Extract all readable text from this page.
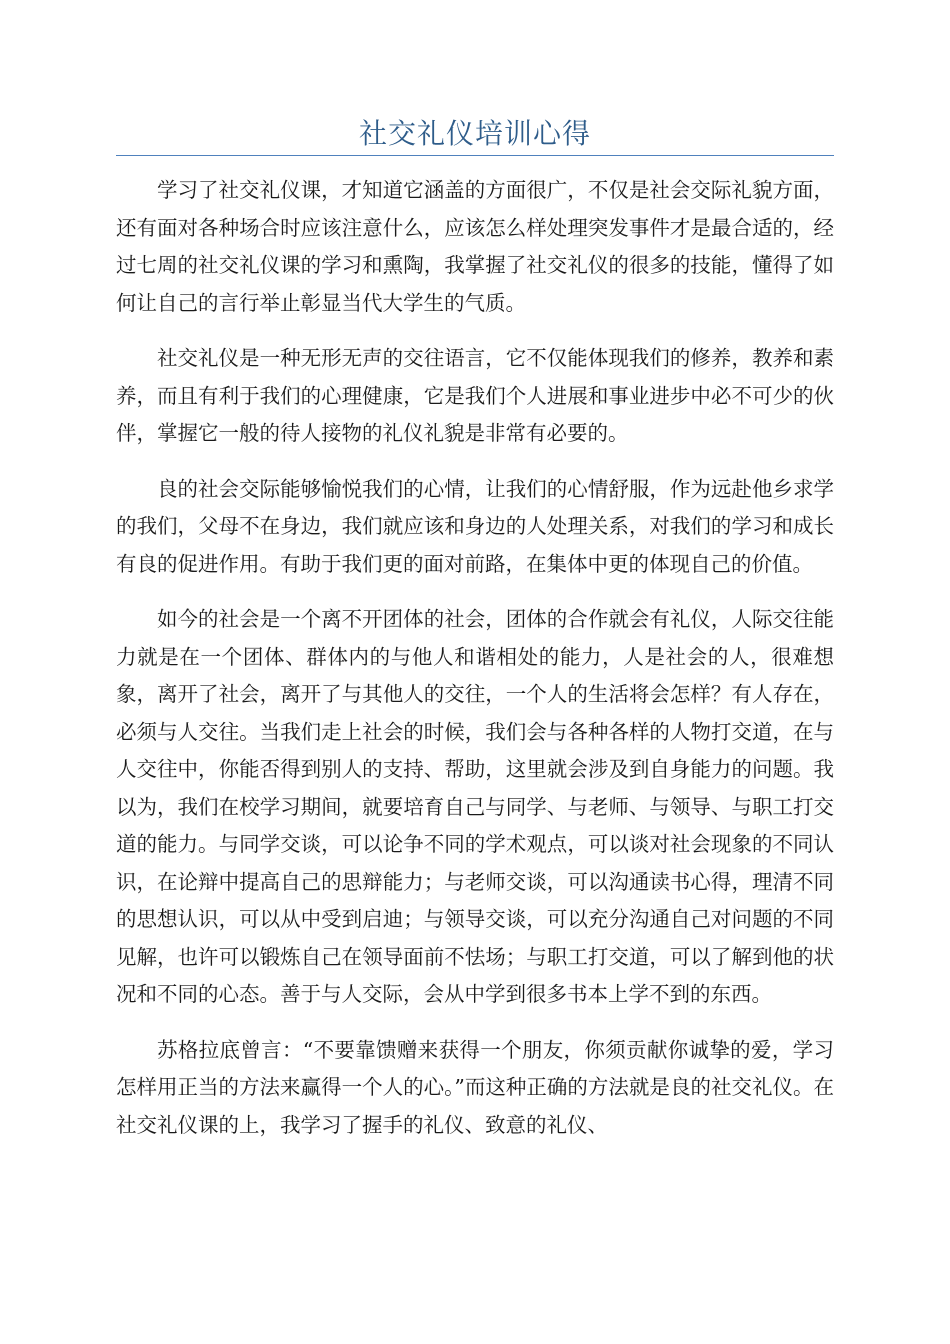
社交礼仪培训心得

学习了社交礼仪课，才知道它涵盖的方面很广，不仅是社会交际礼貌方面，还有面对各种场合时应该注意什么，应该怎么样处理突发事件才是最合适的，经过七周的社交礼仪课的学习和熏陶，我掌握了社交礼仪的很多的技能，懂得了如何让自己的言行举止彰显当代大学生的气质。

社交礼仪是一种无形无声的交往语言，它不仅能体现我们的修养，教养和素养，而且有利于我们的心理健康，它是我们个人进展和事业进步中必不可少的伙伴，掌握它一般的待人接物的礼仪礼貌是非常有必要的。

良的社会交际能够愉悦我们的心情，让我们的心情舒服，作为远赴他乡求学的我们，父母不在身边，我们就应该和身边的人处理关系，对我们的学习和成长有良的促进作用。有助于我们更的面对前路，在集体中更的体现自己的价值。

如今的社会是一个离不开团体的社会，团体的合作就会有礼仪，人际交往能力就是在一个团体、群体内的与他人和谐相处的能力，人是社会的人，很难想象，离开了社会，离开了与其他人的交往，一个人的生活将会怎样？有人存在，必须与人交往。当我们走上社会的时候，我们会与各种各样的人物打交道，在与人交往中，你能否得到别人的支持、帮助，这里就会涉及到自身能力的问题。我以为，我们在校学习期间，就要培育自己与同学、与老师、与领导、与职工打交道的能力。与同学交谈，可以论争不同的学术观点，可以谈对社会现象的不同认识，在论辩中提高自己的思辩能力；与老师交谈，可以沟通读书心得，理清不同的思想认识，可以从中受到启迪；与领导交谈，可以充分沟通自己对问题的不同见解，也许可以锻炼自己在领导面前不怯场；与职工打交道，可以了解到他的状况和不同的心态。善于与人交际，会从中学到很多书本上学不到的东西。

苏格拉底曾言：“不要靠馈赠来获得一个朋友，你须贡献你诚挚的爱，学习怎样用正当的方法来赢得一个人的心。”而这种正确的方法就是良的社交礼仪。在社交礼仪课的上，我学习了握手的礼仪、致意的礼仪、
